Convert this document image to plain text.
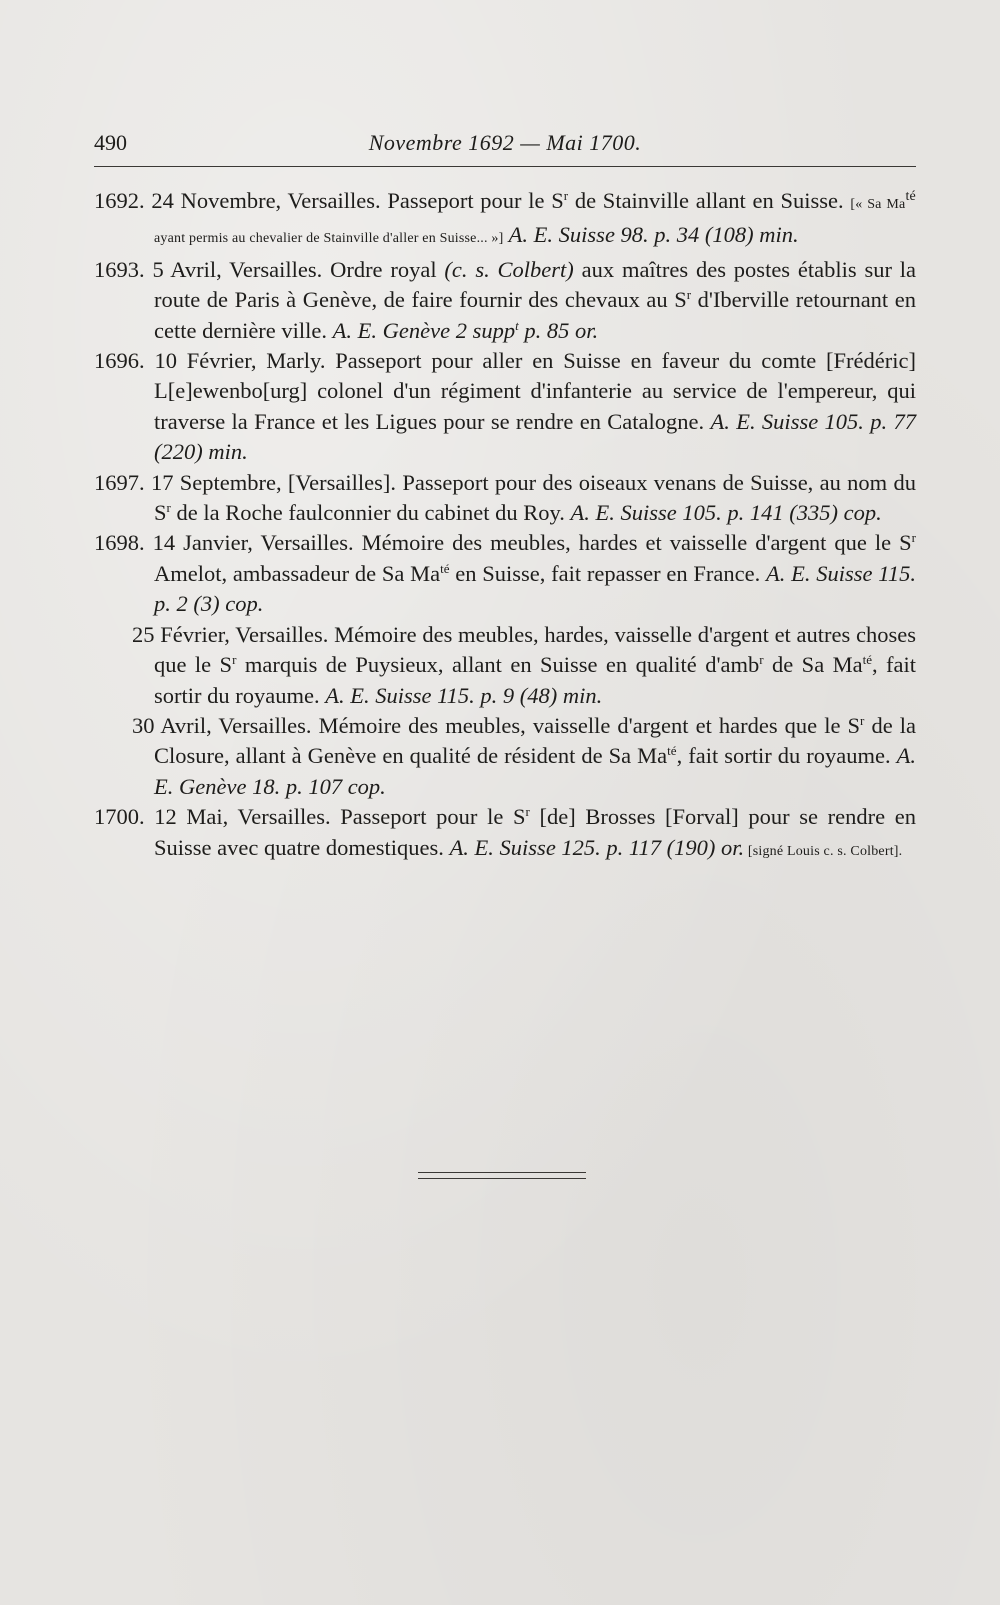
490	Novembre 1692 — Mai 1700.

1692. 24 Novembre, Versailles. Passeport pour le $S^r$ de Stainville allant en Suisse. [« Sa $Ma^{té}$ ayant permis au chevalier de Stainville d'aller en Suisse... »] A. E. Suisse 98. p. 34 (108) min.

1693. 5 Avril, Versailles. Ordre royal (c. s. Colbert) aux maîtres des postes établis sur la route de Paris à Genève, de faire fournir des chevaux au $S^r$ d'Iberville retournant en cette dernière ville. A. E. Genève 2 supp$^t$ p. 85 or.

1696. 10 Février, Marly. Passeport pour aller en Suisse en faveur du comte [Frédéric] L[e]ewenbo[urg] colonel d'un régiment d'infanterie au service de l'empereur, qui traverse la France et les Ligues pour se rendre en Catalogne. A. E. Suisse 105. p. 77 (220) min.

1697. 17 Septembre, [Versailles]. Passeport pour des oiseaux venans de Suisse, au nom du $S^r$ de la Roche faulconnier du cabinet du Roy. A. E. Suisse 105. p. 141 (335) cop.

1698. 14 Janvier, Versailles. Mémoire des meubles, hardes et vaisselle d'argent que le $S^r$ Amelot, ambassadeur de Sa $Ma^{té}$ en Suisse, fait repasser en France. A. E. Suisse 115. p. 2 (3) cop.

25 Février, Versailles. Mémoire des meubles, hardes, vaisselle d'argent et autres choses que le $S^r$ marquis de Puysieux, allant en Suisse en qualité d'amb$^r$ de Sa $Ma^{té}$, fait sortir du royaume. A. E. Suisse 115. p. 9 (48) min.

30 Avril, Versailles. Mémoire des meubles, vaisselle d'argent et hardes que le $S^r$ de la Closure, allant à Genève en qualité de résident de Sa $Ma^{té}$, fait sortir du royaume. A. E. Genève 18. p. 107 cop.

1700. 12 Mai, Versailles. Passeport pour le $S^r$ [de] Brosses [Forval] pour se rendre en Suisse avec quatre domestiques. A. E. Suisse 125. p. 117 (190) or. [signé Louis c. s. Colbert].
